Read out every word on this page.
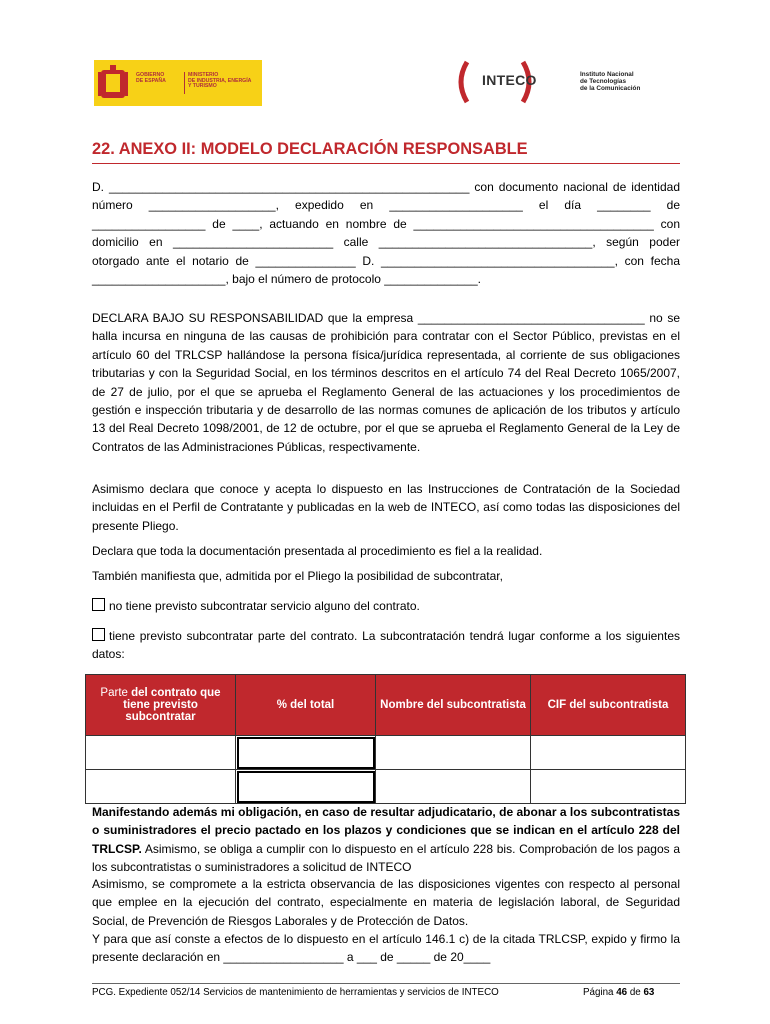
GOBIERNO
DE ESPAÑA
MINISTERIO
DE INDUSTRIA, ENERGÍA
Y TURISMO	INTECO	Instituto Nacional
de Tecnologías
de la Comunicación
22. ANEXO II: MODELO DECLARACIÓN RESPONSABLE

D. ______________________________________________________ con documento nacional de identidad número ___________________, expedido en ____________________ el día ________ de _________________ de ____, actuando en nombre de ____________________________________ con domicilio en ________________________ calle ________________________________, según poder otorgado ante el notario de _______________ D. ___________________________________, con fecha ____________________, bajo el número de protocolo ______________.

DECLARA BAJO SU RESPONSABILIDAD que la empresa __________________________________ no se halla incursa en ninguna de las causas de prohibición para contratar con el Sector Público, previstas en el artículo 60 del TRLCSP hallándose la persona física/jurídica representada, al corriente de sus obligaciones tributarias y con la Seguridad Social, en los términos descritos en el artículo 74 del Real Decreto 1065/2007, de 27 de julio, por el que se aprueba el Reglamento General de las actuaciones y los procedimientos de gestión e inspección tributaria y de desarrollo de las normas comunes de aplicación de los tributos y artículo 13 del Real Decreto 1098/2001, de 12 de octubre, por el que se aprueba el Reglamento General de la Ley de Contratos de las Administraciones Públicas, respectivamente.

Asimismo declara que conoce y acepta lo dispuesto en las Instrucciones de Contratación de la Sociedad incluidas en el Perfil de Contratante y publicadas en la web de INTECO, así como todas las disposiciones del presente Pliego.

Declara que toda la documentación presentada al procedimiento es fiel a la realidad.

También manifiesta que, admitida por el Pliego la posibilidad de subcontratar,

no tiene previsto subcontratar servicio alguno del contrato.
tiene previsto subcontratar parte del contrato. La subcontratación tendrá lugar conforme a los siguientes datos:
Parte del contrato que tiene previsto subcontratar	% del total	Nombre del subcontratista	CIF del subcontratista

Manifestando además mi obligación, en caso de resultar adjudicatario, de abonar a los subcontratistas o suministradores el precio pactado en los plazos y condiciones que se indican en el artículo 228 del TRLCSP. Asimismo, se obliga a cumplir con lo dispuesto en el artículo 228 bis. Comprobación de los pagos a los subcontratistas o suministradores a solicitud de INTECO

Asimismo, se compromete a la estricta observancia de las disposiciones vigentes con respecto al personal que emplee en la ejecución del contrato, especialmente en materia de legislación laboral, de Seguridad Social, de Prevención de Riesgos Laborales y de Protección de Datos.

Y para que así conste a efectos de lo dispuesto en el artículo 146.1 c) de la citada TRLCSP, expido y firmo la presente declaración en __________________ a ___ de _____ de 20____

PCG. Expediente 052/14 Servicios de mantenimiento de herramientas y servicios de INTECO	Página 46 de 63
